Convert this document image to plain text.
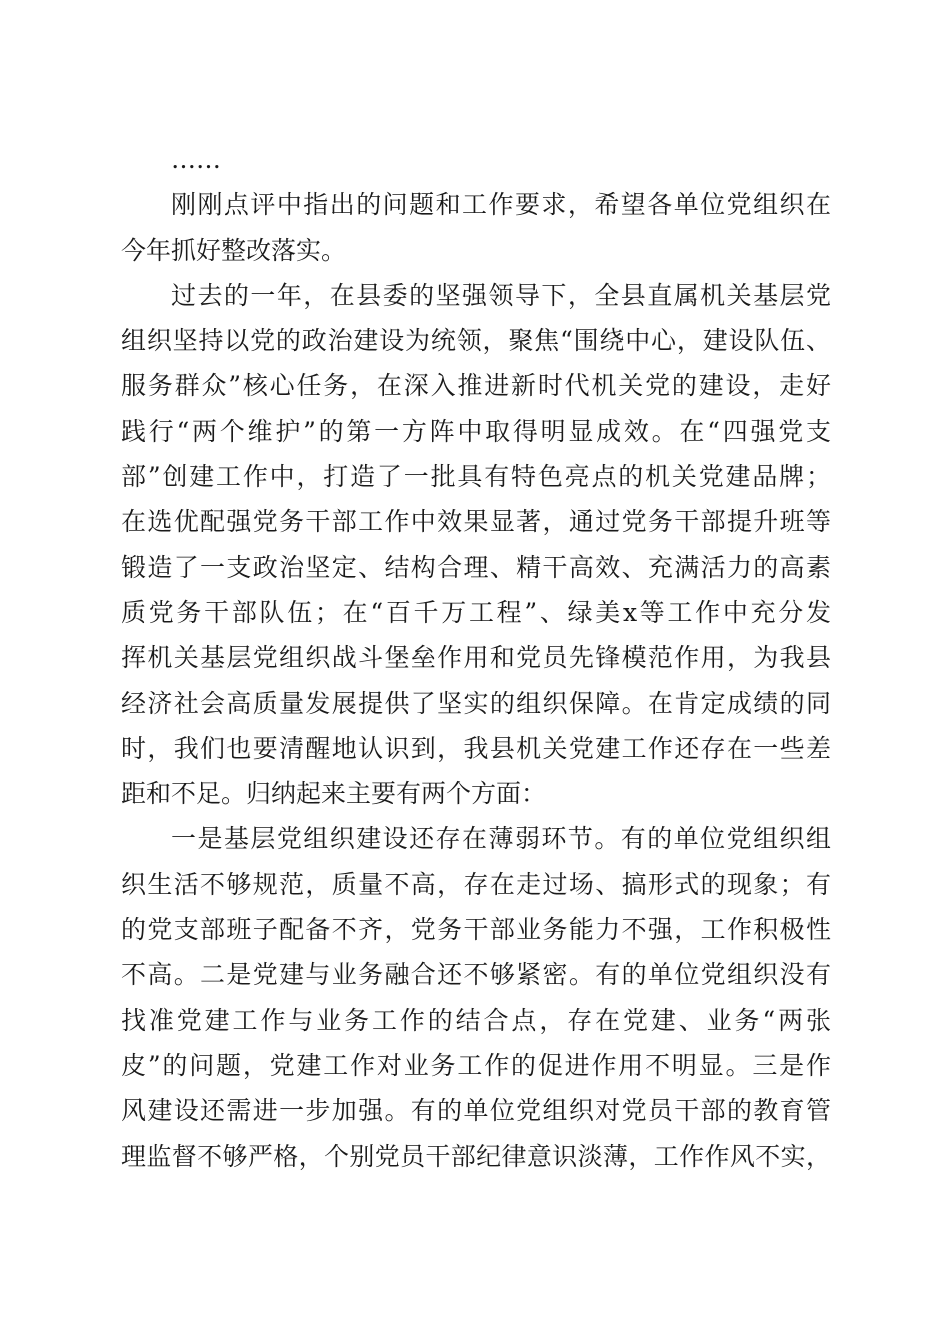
……
刚刚点评中指出的问题和工作要求，希望各单位党组织在
今年抓好整改落实。
过去的一年，在县委的坚强领导下，全县直属机关基层党
组织坚持以党的政治建设为统领，聚焦“围绕中心，建设队伍、
服务群众”核心任务，在深入推进新时代机关党的建设，走好
践行“两个维护”的第一方阵中取得明显成效。在“四强党支
部”创建工作中，打造了一批具有特色亮点的机关党建品牌；
在选优配强党务干部工作中效果显著，通过党务干部提升班等
锻造了一支政治坚定、结构合理、精干高效、充满活力的高素
质党务干部队伍；在“百千万工程”、绿美x等工作中充分发
挥机关基层党组织战斗堡垒作用和党员先锋模范作用，为我县
经济社会高质量发展提供了坚实的组织保障。在肯定成绩的同
时，我们也要清醒地认识到，我县机关党建工作还存在一些差
距和不足。归纳起来主要有两个方面：
一是基层党组织建设还存在薄弱环节。有的单位党组织组
织生活不够规范，质量不高，存在走过场、搞形式的现象；有
的党支部班子配备不齐，党务干部业务能力不强，工作积极性
不高。二是党建与业务融合还不够紧密。有的单位党组织没有
找准党建工作与业务工作的结合点，存在党建、业务“两张
皮”的问题，党建工作对业务工作的促进作用不明显。三是作
风建设还需进一步加强。有的单位党组织对党员干部的教育管
理监督不够严格，个别党员干部纪律意识淡薄，工作作风不实，
